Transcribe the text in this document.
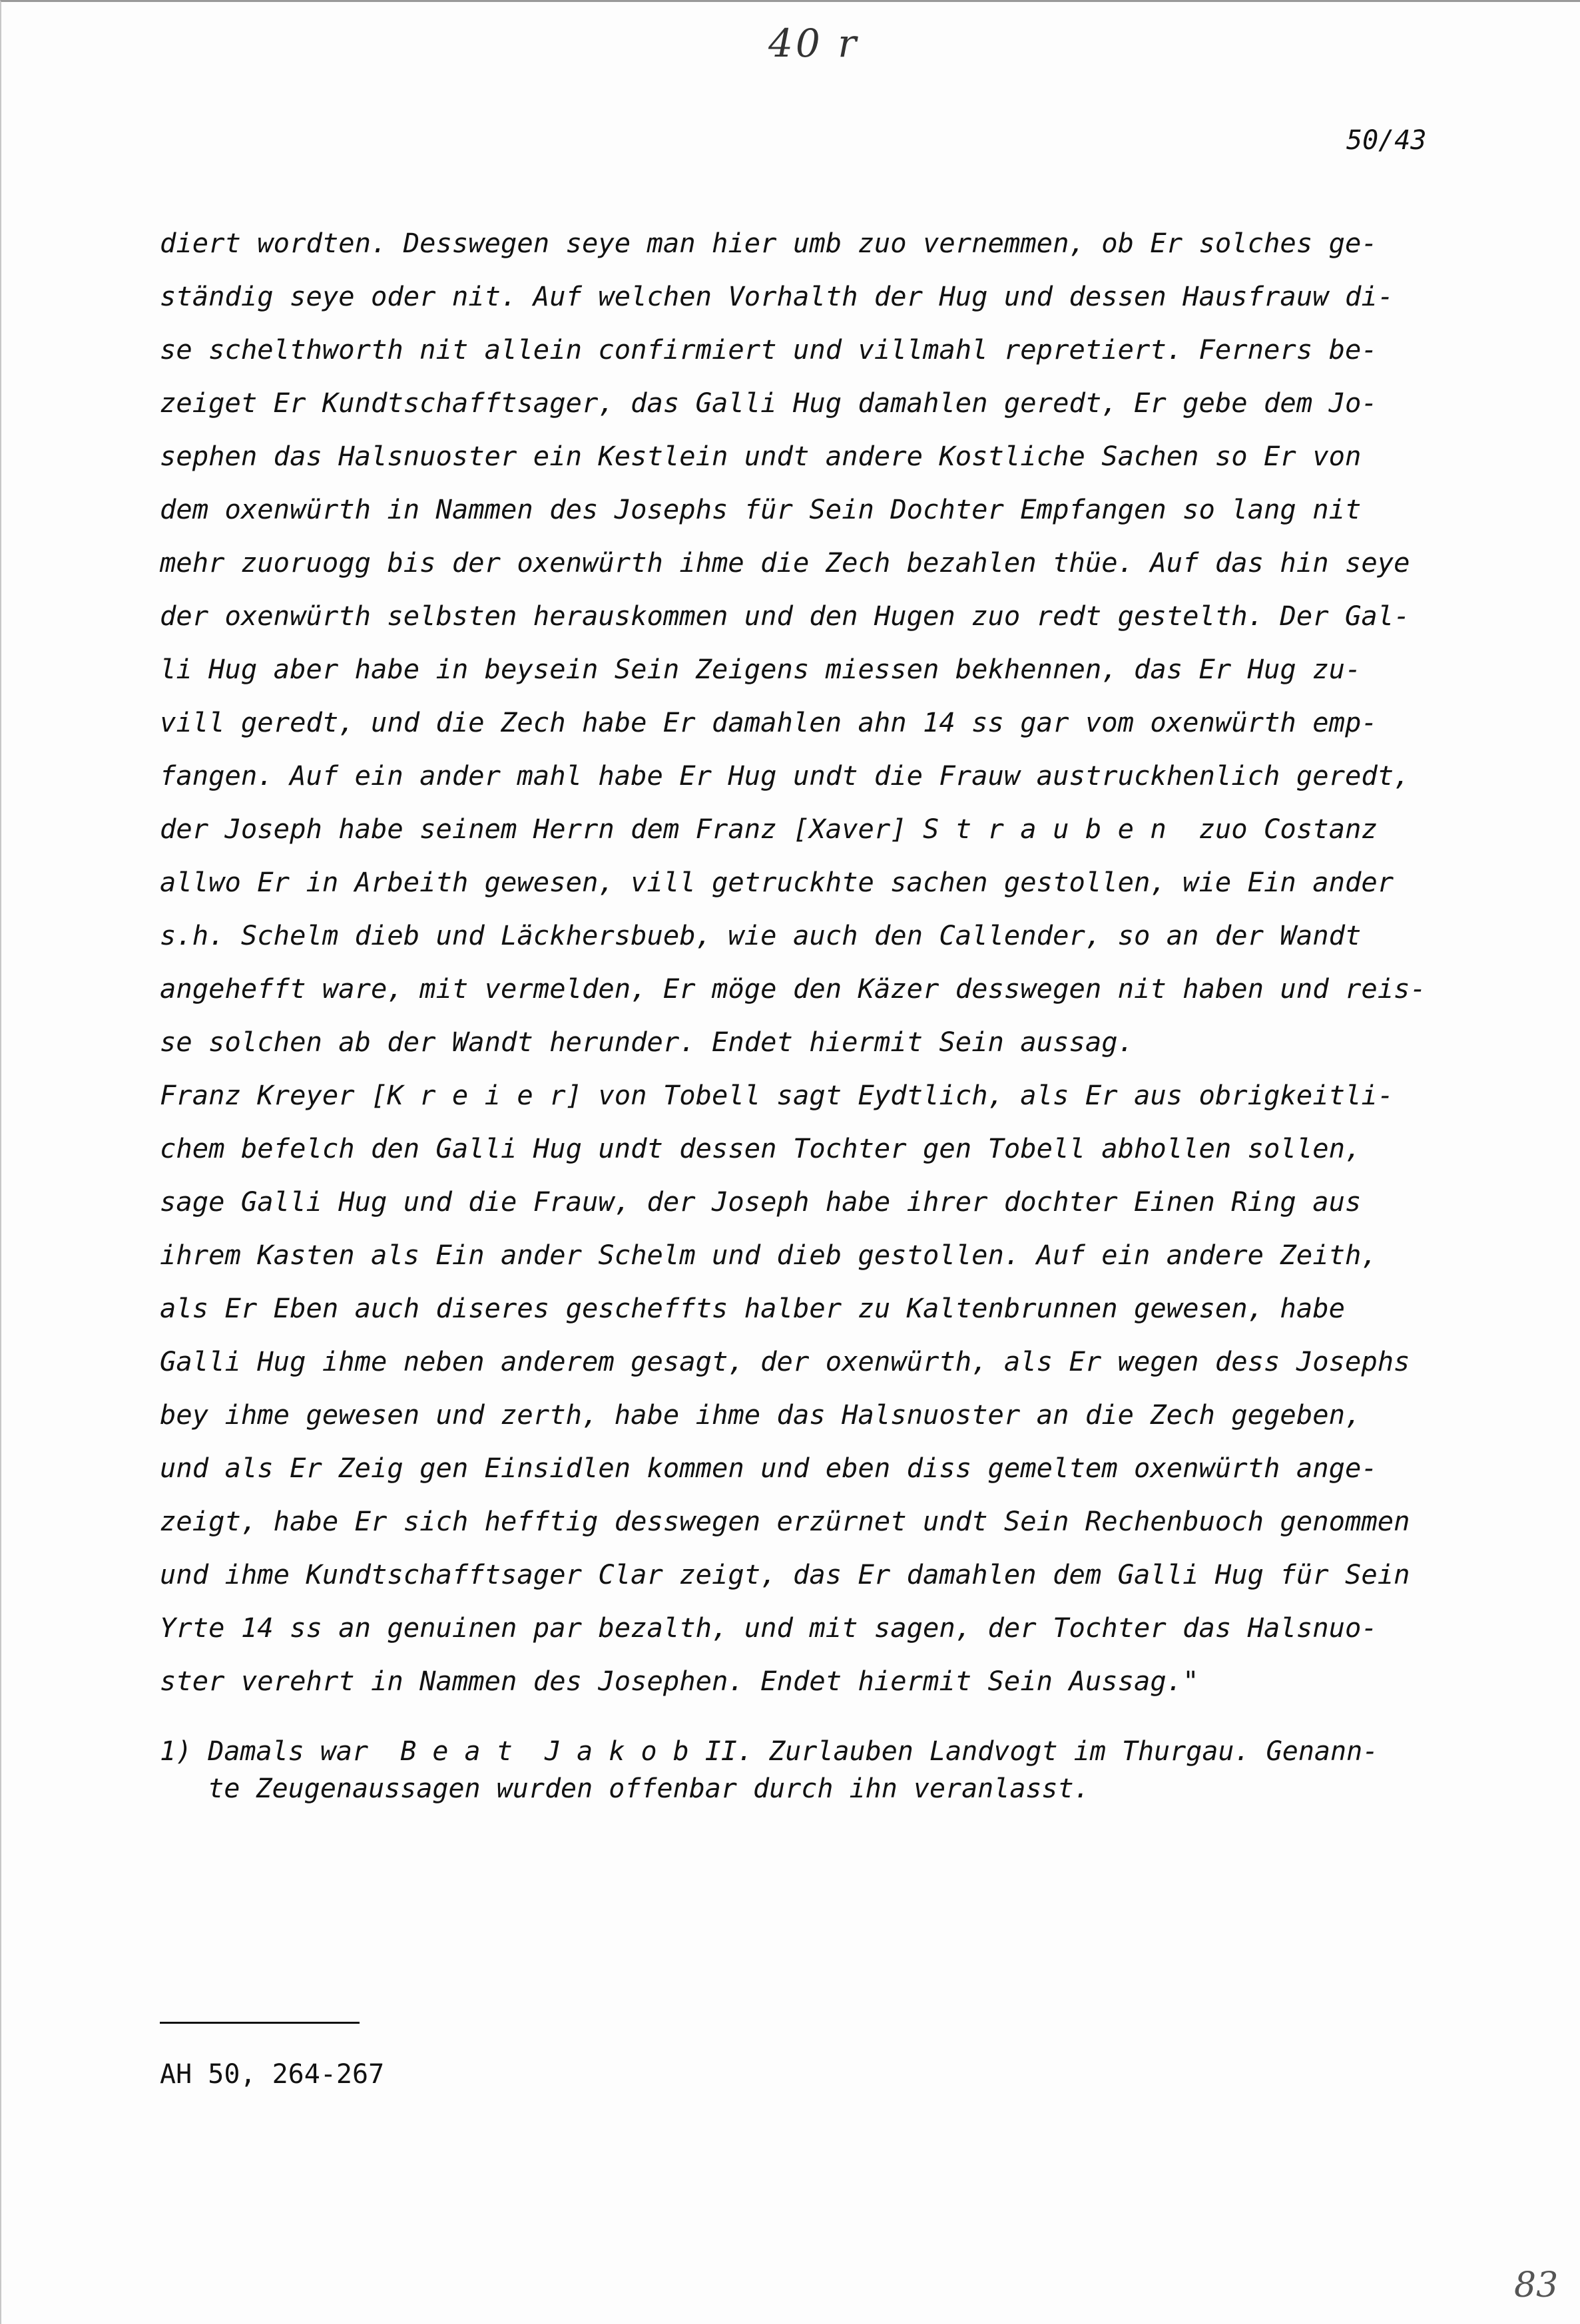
40 r
50/43
diert wordten. Desswegen seye man hier umb zuo vernemmen, ob Er solches ge-
ständig seye oder nit. Auf welchen Vorhalth der Hug und dessen Hausfrauw di-
se schelthworth nit allein confirmiert und villmahl repretiert. Ferners be-
zeiget Er Kundtschafftsager, das Galli Hug damahlen geredt, Er gebe dem Jo-
sephen das Halsnuoster ein Kestlein undt andere Kostliche Sachen so Er von
dem oxenwürth in Nammen des Josephs für Sein Dochter Empfangen so lang nit
mehr zuoruogg bis der oxenwürth ihme die Zech bezahlen thüe. Auf das hin seye
der oxenwürth selbsten herauskommen und den Hugen zuo redt gestelth. Der Gal-
li Hug aber habe in beysein Sein Zeigens miessen bekhennen, das Er Hug zu-
vill geredt, und die Zech habe Er damahlen ahn 14 ss gar vom oxenwürth emp-
fangen. Auf ein ander mahl habe Er Hug undt die Frauw austruckhenlich geredt,
der Joseph habe seinem Herrn dem Franz [Xaver] S t r a u b e n  zuo Costanz
allwo Er in Arbeith gewesen, vill getruckhte sachen gestollen, wie Ein ander
s.h. Schelm dieb und Läckhersbueb, wie auch den Callender, so an der Wandt
angehefft ware, mit vermelden, Er möge den Käzer desswegen nit haben und reis-
se solchen ab der Wandt herunder. Endet hiermit Sein aussag.
Franz Kreyer [K r e i e r] von Tobell sagt Eydtlich, als Er aus obrigkeitli-
chem befelch den Galli Hug undt dessen Tochter gen Tobell abhollen sollen,
sage Galli Hug und die Frauw, der Joseph habe ihrer dochter Einen Ring aus
ihrem Kasten als Ein ander Schelm und dieb gestollen. Auf ein andere Zeith,
als Er Eben auch diseres gescheffts halber zu Kaltenbrunnen gewesen, habe
Galli Hug ihme neben anderem gesagt, der oxenwürth, als Er wegen dess Josephs
bey ihme gewesen und zerth, habe ihme das Halsnuoster an die Zech gegeben,
und als Er Zeig gen Einsidlen kommen und eben diss gemeltem oxenwürth ange-
zeigt, habe Er sich hefftig desswegen erzürnet undt Sein Rechenbuoch genommen
und ihme Kundtschafftsager Clar zeigt, das Er damahlen dem Galli Hug für Sein
Yrte 14 ss an genuinen par bezalth, und mit sagen, der Tochter das Halsnuo-
ster verehrt in Nammen des Josephen. Endet hiermit Sein Aussag."
1) Damals war  B e a t  J a k o b II. Zurlauben Landvogt im Thurgau. Genann-
te Zeugenaussagen wurden offenbar durch ihn veranlasst.
AH 50, 264-267
83
